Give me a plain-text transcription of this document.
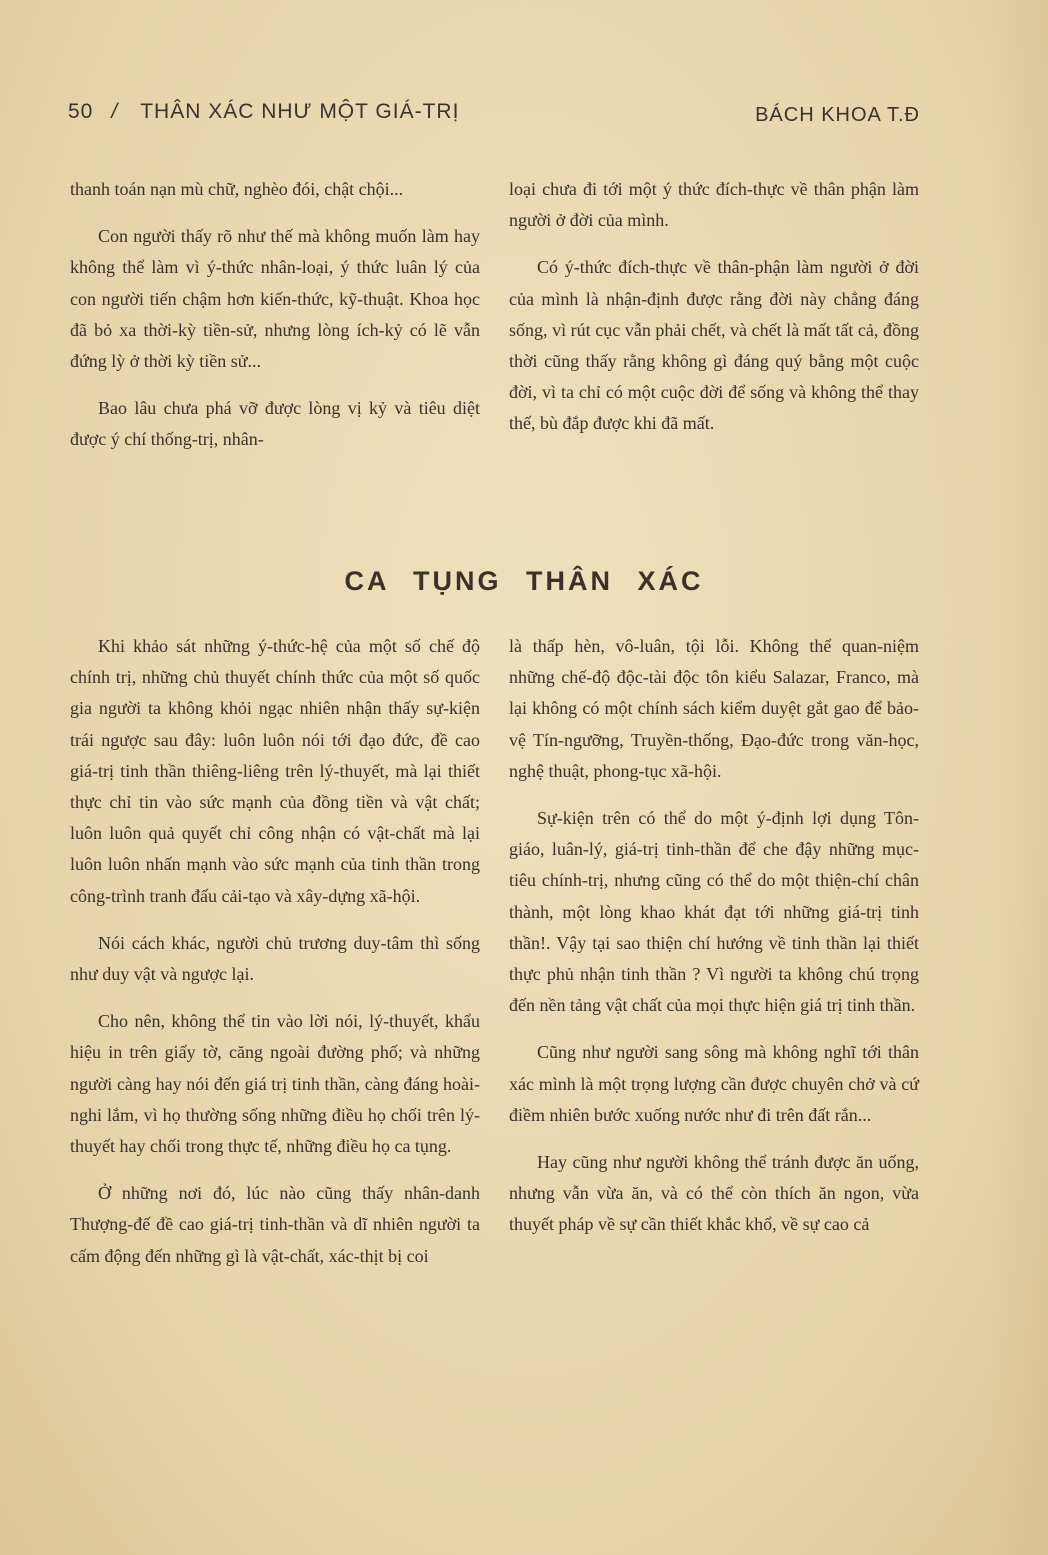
50 / THÂN XÁC NHƯ MỘT GIÁ-TRỊ	BÁCH KHOA T.Đ

thanh toán nạn mù chữ, nghèo đói, chật chội...

Con người thấy rõ như thế mà không muốn làm hay không thể làm vì ý-thức nhân-loại, ý thức luân lý của con người tiến chậm hơn kiến-thức, kỹ-thuật. Khoa học đã bỏ xa thời-kỳ tiền-sử, nhưng lòng ích-kỷ có lẽ vẫn đứng lỳ ở thời kỳ tiền sử...

Bao lâu chưa phá vỡ được lòng vị kỷ và tiêu diệt được ý chí thống-trị, nhân-

loại chưa đi tới một ý thức đích-thực về thân phận làm người ở đời của mình.

Có ý-thức đích-thực về thân-phận làm người ở đời của mình là nhận-định được rằng đời này chẳng đáng sống, vì rút cục vẫn phải chết, và chết là mất tất cả, đồng thời cũng thấy rằng không gì đáng quý bằng một cuộc đời, vì ta chỉ có một cuộc đời để sống và không thể thay thế, bù đắp được khi đã mất.

CA TỤNG THÂN XÁC

Khi khảo sát những ý-thức-hệ của một số chế độ chính trị, những chủ thuyết chính thức của một số quốc gia người ta không khỏi ngạc nhiên nhận thấy sự-kiện trái ngược sau đây: luôn luôn nói tới đạo đức, đề cao giá-trị tinh thần thiêng-liêng trên lý-thuyết, mà lại thiết thực chỉ tin vào sức mạnh của đồng tiền và vật chất; luôn luôn quả quyết chỉ công nhận có vật-chất mà lại luôn luôn nhấn mạnh vào sức mạnh của tinh thần trong công-trình tranh đấu cải-tạo và xây-dựng xã-hội.

Nói cách khác, người chủ trương duy-tâm thì sống như duy vật và ngược lại.

Cho nên, không thể tin vào lời nói, lý-thuyết, khẩu hiệu in trên giấy tờ, căng ngoài đường phố; và những người càng hay nói đến giá trị tinh thần, càng đáng hoài-nghi lắm, vì họ thường sống những điều họ chối trên lý-thuyết hay chối trong thực tế, những điều họ ca tụng.

Ở những nơi đó, lúc nào cũng thấy nhân-danh Thượng-đế đề cao giá-trị tinh-thần và dĩ nhiên người ta cấm động đến những gì là vật-chất, xác-thịt bị coi

là thấp hèn, vô-luân, tội lỗi. Không thể quan-niệm những chế-độ độc-tài độc tôn kiểu Salazar, Franco, mà lại không có một chính sách kiểm duyệt gắt gao để bảo-vệ Tín-ngưỡng, Truyền-thống, Đạo-đức trong văn-học, nghệ thuật, phong-tục xã-hội.

Sự-kiện trên có thể do một ý-định lợi dụng Tôn-giáo, luân-lý, giá-trị tinh-thần để che đậy những mục-tiêu chính-trị, nhưng cũng có thể do một thiện-chí chân thành, một lòng khao khát đạt tới những giá-trị tinh thần!. Vậy tại sao thiện chí hướng về tinh thần lại thiết thực phủ nhận tinh thần ? Vì người ta không chú trọng đến nền tảng vật chất của mọi thực hiện giá trị tinh thần.

Cũng như người sang sông mà không nghĩ tới thân xác mình là một trọng lượng cần được chuyên chở và cứ điềm nhiên bước xuống nước như đi trên đất rắn...

Hay cũng như người không thể tránh được ăn uống, nhưng vẫn vừa ăn, và có thể còn thích ăn ngon, vừa thuyết pháp về sự cần thiết khắc khổ, về sự cao cả
